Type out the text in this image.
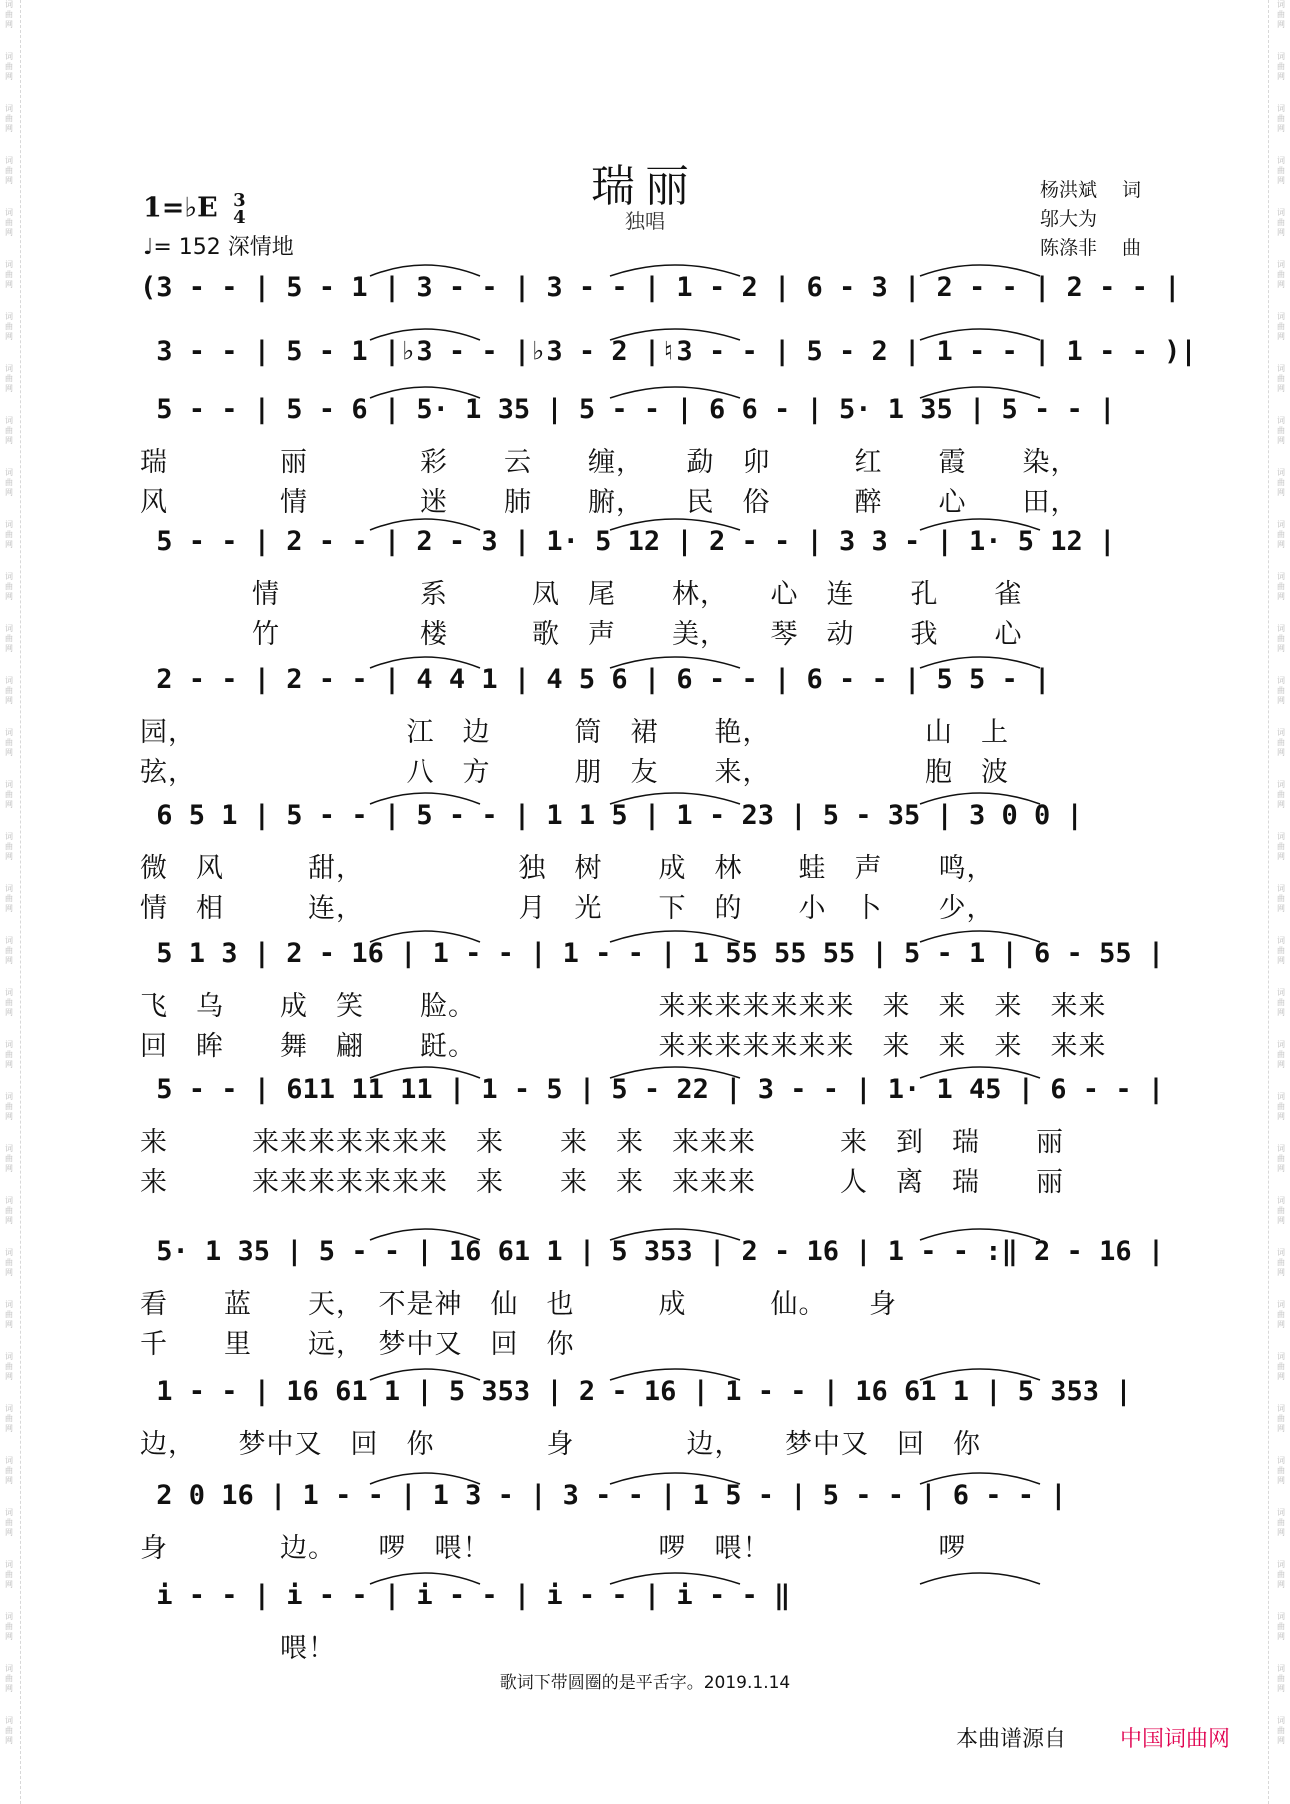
词曲网
词曲网
词曲网
词曲网
词曲网
词曲网
词曲网
词曲网
词曲网
词曲网
词曲网
词曲网
词曲网
词曲网
词曲网
词曲网
词曲网
词曲网
词曲网
词曲网
词曲网
词曲网
词曲网
词曲网
词曲网
词曲网
词曲网
词曲网
词曲网
词曲网
词曲网
词曲网
词曲网
词曲网
词曲网
词曲网
词曲网
词曲网
词曲网
词曲网
词曲网
词曲网
词曲网
词曲网
词曲网
词曲网
词曲网
词曲网
词曲网
词曲网
词曲网
词曲网
词曲网
词曲网
词曲网
词曲网
词曲网
词曲网
词曲网
词曲网
词曲网
词曲网
词曲网
词曲网
词曲网
词曲网
词曲网
词曲网
瑞丽
独唱
1=♭E 3
4
♩= 152 深情地
杨洪斌 词
邬大为
陈涤非 曲
(3 - - | 5 - 1 | 3 - - | 3 - - | 1 - 2 | 6 - 3 | 2 - - | 2 - - |
3 - - | 5 - 1 |♭3 - - |♭3 - 2 |♮3 - - | 5 - 2 | 1 - - | 1 - - )|
5 - - | 5 - 6 | 5· 1 35 | 5 - - | 6 6 - | 5· 1 35 | 5 - - |
瑞　　　　丽　　　　彩　　云　　缠，　　勐　卯　　　红　　霞　　染，
风　　　　情　　　　迷　　肺　　腑，　　民　俗　　　醉　　心　　田，
5 - - | 2 - - | 2 - 3 | 1· 5 12 | 2 - - | 3 3 - | 1· 5 12 |
　　　　情　　　　　系　　　凤　尾　　林，　　心　连　　孔　　雀
　　　　竹　　　　　楼　　　歌　声　　美，　　琴　动　　我　　心
2 - - | 2 - - | 4 4 1 | 4 5 6 | 6 - - | 6 - - | 5 5 - |
园，　　　　　　　　江　边　　　筒　裙　　艳，　　　　　　山　上
弦，　　　　　　　　八　方　　　朋　友　　来，　　　　　　胞　波
6 5 1 | 5 - - | 5 - - | 1 1 5 | 1 - 23 | 5 - 35 | 3 0 0 |
微　风　　　甜，　　　　　　独　树　　成　林　　蛙　声　　鸣，
情　相　　　连，　　　　　　月　光　　下　的　　小　卜　　少，
5 1 3 | 2 - 16 | 1 - - | 1 - - | 1 55 55 55 | 5 - 1 | 6 - 55 |
飞　乌　　成　笑　　脸。　　　　　　　来来来来来来来　来　来　来　来来
回　眸　　舞　翩　　跹。　　　　　　　来来来来来来来　来　来　来　来来
5 - - | 611 11 11 | 1 - 5 | 5 - 22 | 3 - - | 1· 1 45 | 6 - - |
来　　　来来来来来来来　来　　来　来　来来来　　　来　到　瑞　　丽
来　　　来来来来来来来　来　　来　来　来来来　　　人　离　瑞　　丽
5· 1 35 | 5 - - | 16 61 1 | 5 353 | 2 - 16 | 1 - - :‖ 2 - 16 |
看　　蓝　　天，　不是神　仙　也　　　成　　　仙。　　身
千　　里　　远，　梦中又　回　你
1 - - | 16 61 1 | 5 353 | 2 - 16 | 1 - - | 16 61 1 | 5 353 |
边，　　梦中又　回　你　　　　身　　　　边，　　梦中又　回　你
2 0 16 | 1 - - | 1 3 - | 3 - - | 1 5 - | 5 - - | 6 - - |
身　　　　边。　　啰　喂！　　　　　　啰　喂！　　　　　　啰
i - - | i - - | i - - | i - - | i - - ‖
　　　　　喂！
歌词下带圆圈的是平舌字。2019.1.14
本曲谱源自 中国词曲网
